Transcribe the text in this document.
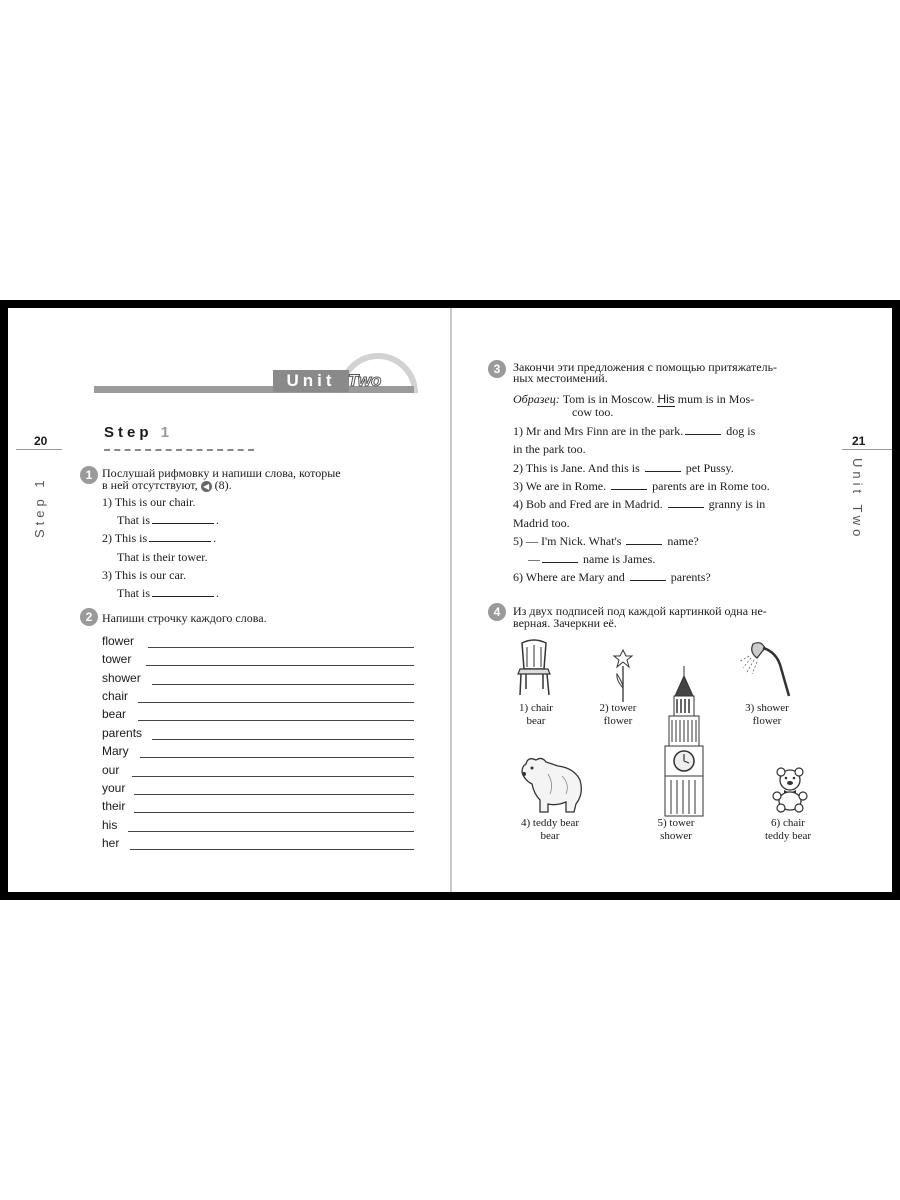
Unit Two
20
Step 1
Step 1
1 Послушай рифмовку и напиши слова, которые
в ней отсутствуют, ◀ (8).
1) This is our chair.
That is	.
2) This is	.
That is their tower.
3) This is our car.
That is	.
2 Напиши строчку каждого слова.
flower
tower
shower
chair
bear
parents
Mary
our
your
their
his
her
21
Unit Two
3	Закончи эти предложения с помощью притяжатель-
ных местоимений.
Образец: Tom is in Moscow. His mum is in Mos-
cow too.
1) Mr and Mrs Finn are in the park.	dog is
in the park too.
2) This is Jane. And this is	pet Pussy.
3) We are in Rome.	parents are in Rome too.
4) Bob and Fred are in Madrid.	granny is in
Madrid too.
5) — I'm Nick. What's	name?
—	name is James.
6) Where are Mary and	parents?
4	Из двух подписей под каждой картинкой одна не-
верная. Зачеркни её.
1) chair
bear
2) tower
flower
3) shower
flower
4) teddy bear
bear
5) tower
shower
6) chair
teddy bear
